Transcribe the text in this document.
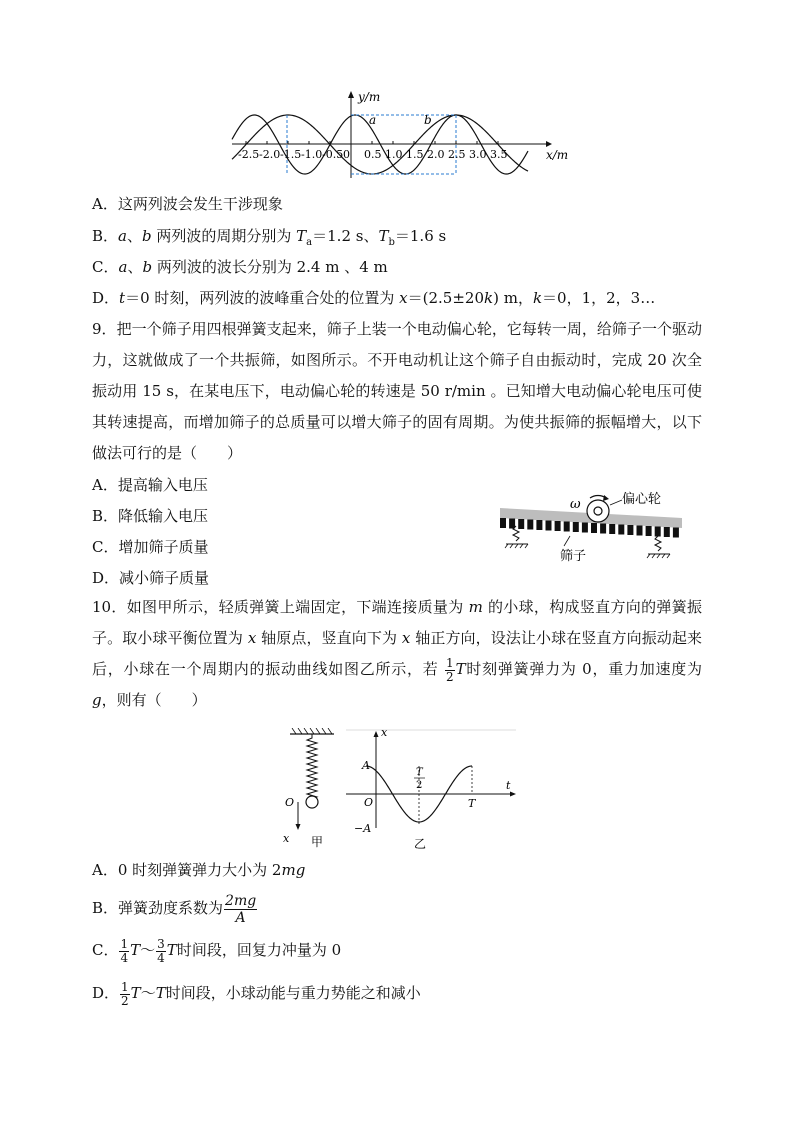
y/m
x/m
a	b
-2.5 -2.0 -1.5 -1.0 -0.5 0 0.5 1.0 1.5 2.0 2.5 3.0 3.5
A．这两列波会发生干涉现象
B．a、b 两列波的周期分别为 $T_a=1.2$ s、$T_b=1.6$ s
C．a、b 两列波的波长分别为 2.4 m 、4 m
D．t＝0 时刻，两列波的波峰重合处的位置为 x＝(2.5±20k) m，k＝0，1，2，3…
9．把一个筛子用四根弹簧支起来，筛子上装一个电动偏心轮，它每转一周，给筛子一个驱动力，这就做成了一个共振筛，如图所示。不开电动机让这个筛子自由振动时，完成 20 次全振动用 15 s，在某电压下，电动偏心轮的转速是 50 r/min 。已知增大电动偏心轮电压可使其转速提高，而增加筛子的总质量可以增大筛子的固有周期。为使共振筛的振幅增大，以下做法可行的是（　　）
A．提高输入电压
B．降低输入电压
C．增加筛子质量
D．减小筛子质量
ω	偏心轮
筛子
10．如图甲所示，轻质弹簧上端固定，下端连接质量为 m 的小球，构成竖直方向的弹簧振子。取小球平衡位置为 x 轴原点，竖直向下为 x 轴正方向，设法让小球在竖直方向振动起来后，小球在一个周期内的振动曲线如图乙所示，若 $\frac{1}{2}$ T时刻弹簧弹力为 0，重力加速度为 g，则有（　　）
O
x 甲
x
t
A
−A
O
T
2
T
乙
A．0 时刻弹簧弹力大小为 2mg
B．弹簧劲度系数为 $\frac{2mg}{A}$
C． $\frac{1}{4}$ T～ $\frac{3}{4}$ T时间段，回复力冲量为 0
D． $\frac{1}{2}$ T～T时间段，小球动能与重力势能之和减小
